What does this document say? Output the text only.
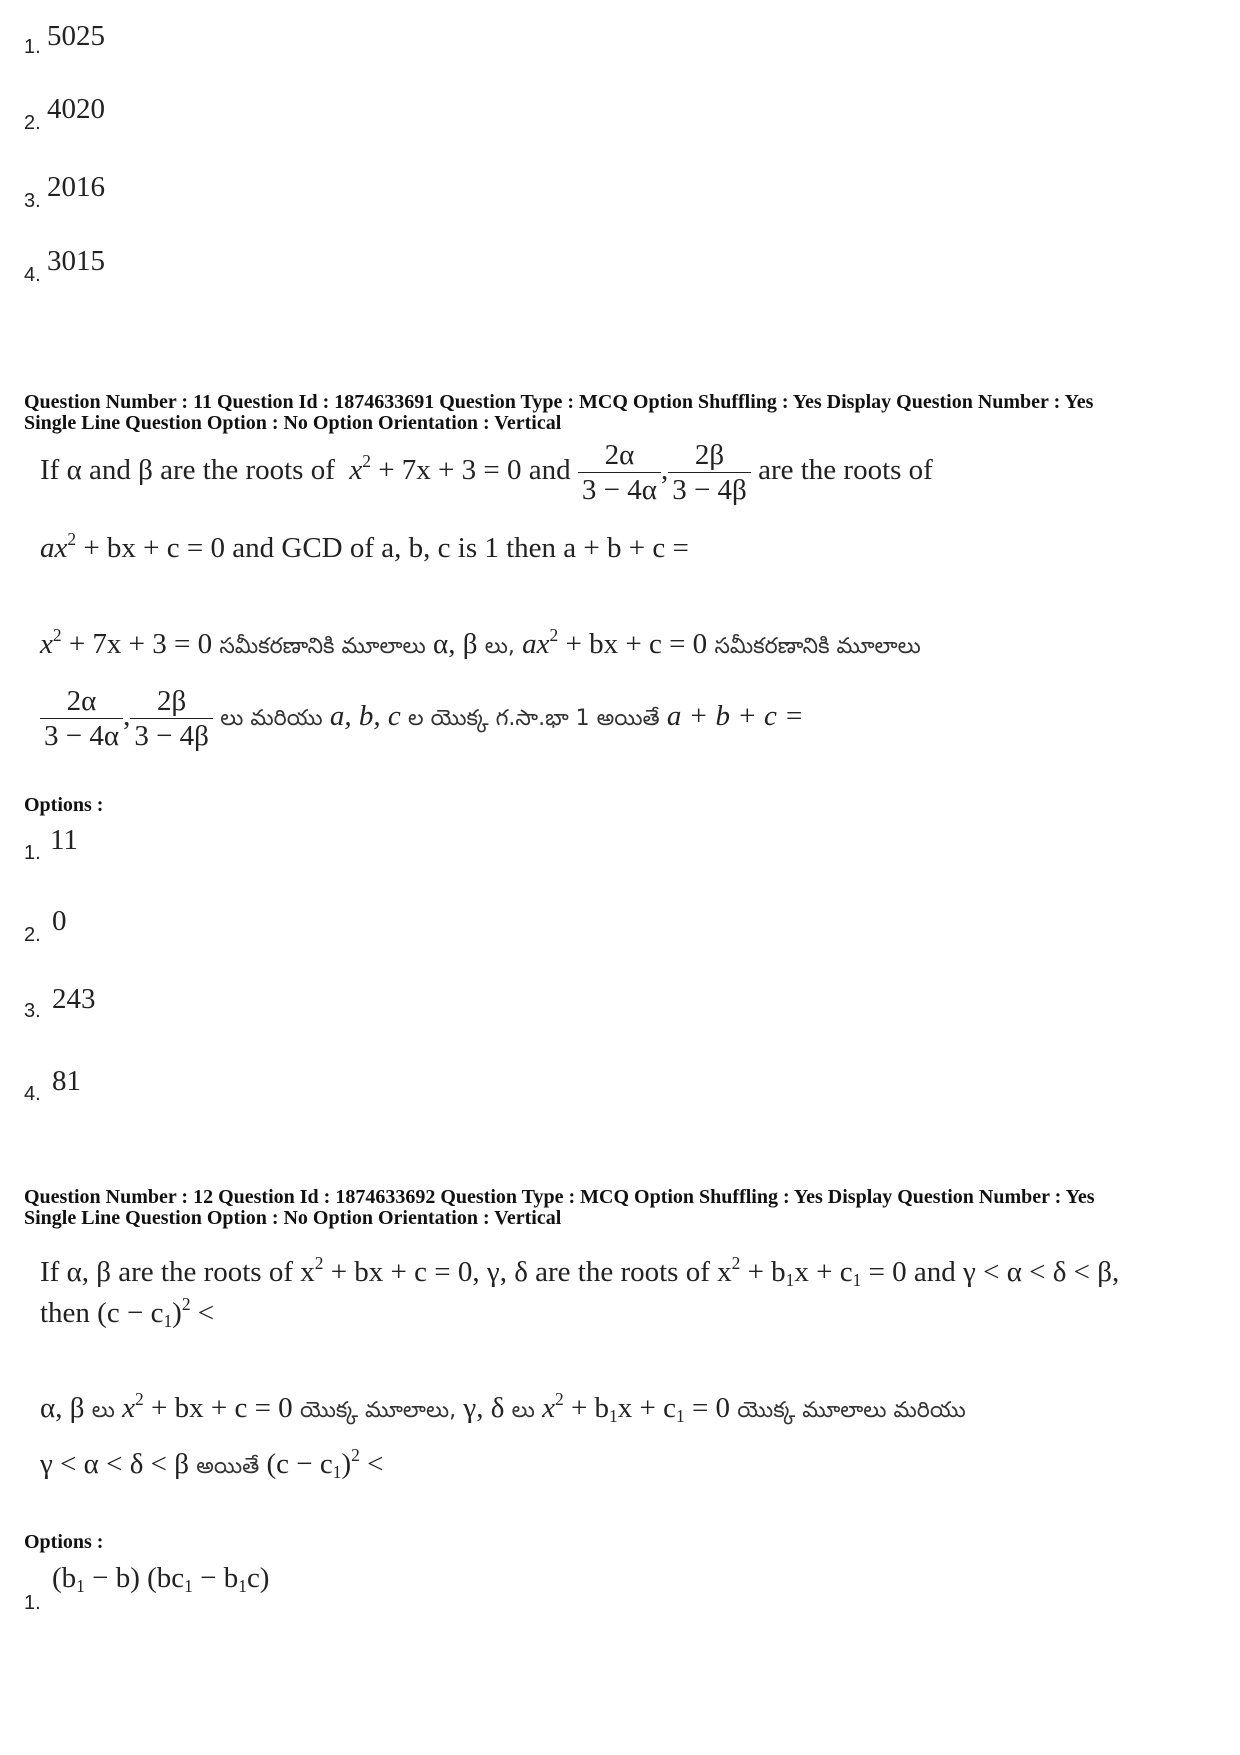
1. 5025
2. 4020
3. 2016
4. 3015
Question Number : 11 Question Id : 1874633691 Question Type : MCQ Option Shuffling : Yes Display Question Number : Yes
Single Line Question Option : No Option Orientation : Vertical
If α and β are the roots of $x^2 + 7x + 3 = 0$ and $\frac{2\alpha}{3 - 4\alpha}$ , $\frac{2\beta}{3 - 4\beta}$ are the roots of
$ax^2$ + bx + c = 0 and GCD of a, b, c is 1 then a + b + c =
$x^2 + 7x + 3 = 0$ సమీకరణానికి మూలాలు α, β లు, $ax^2$ + bx + c = 0 సమీకరణానికి మూలాలు
$\frac{2\alpha}{3 - 4\alpha}$ , $\frac{2\beta}{3 - 4\beta}$ లు మరియు a, b, c ల యొక్క గ.సా.భా 1 అయితే a + b + c =
Options :
1. 11
2. 0
3. 243
4. 81
Question Number : 12 Question Id : 1874633692 Question Type : MCQ Option Shuffling : Yes Display Question Number : Yes
Single Line Question Option : No Option Orientation : Vertical
If α, β are the roots of $x^2$ + bx + c = 0, γ, δ are the roots of $x^2 + b_1x + c_1 = 0$ and γ < α < δ < β,
then $(c - c_1)^2$ <
α, β లు $x^2$ + bx + c = 0 యొక్క మూలాలు, γ, δ లు $x^2 + b_1x + c_1 = 0$ యొక్క మూలాలు మరియు
γ < α < δ < β అయితే $(c - c_1)^2$ <
Options :
1.
$(b_1 - b) (bc_1 - b_1c)$
